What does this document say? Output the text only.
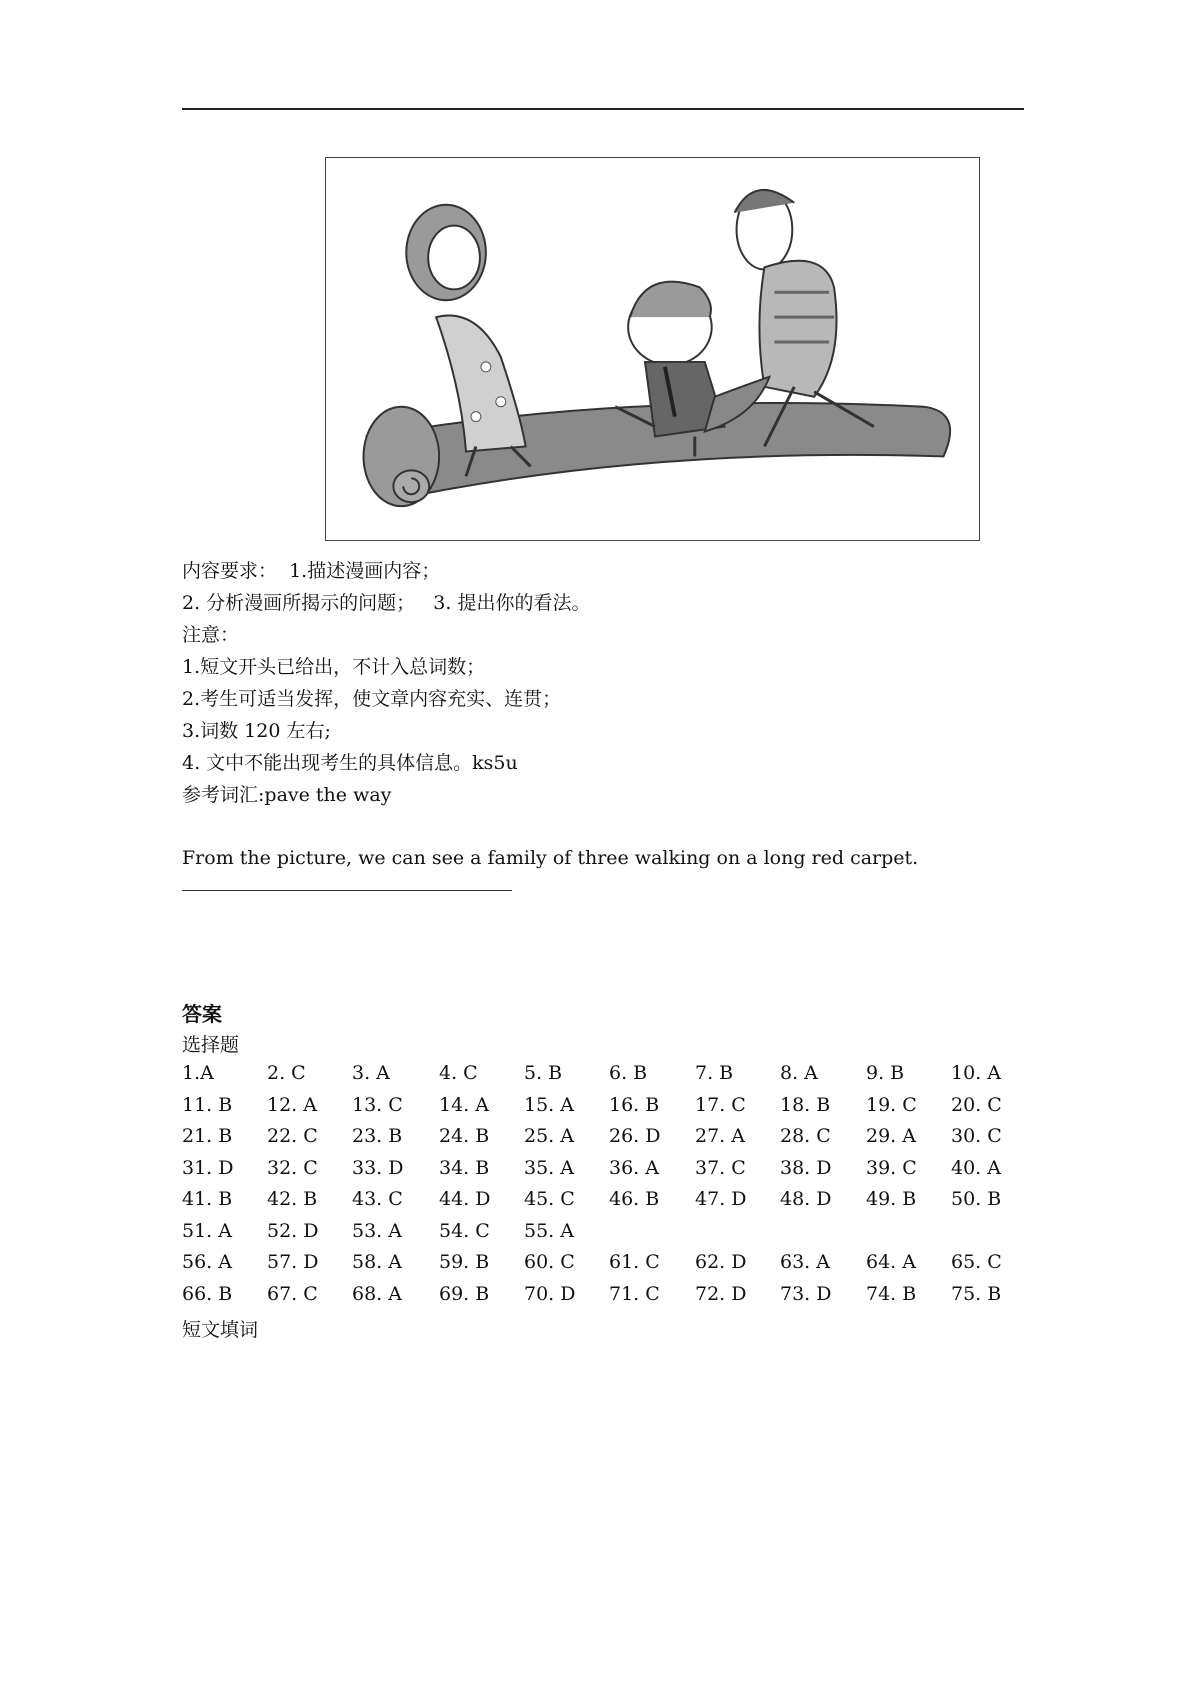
内容要求：  1.描述漫画内容；
2. 分析漫画所揭示的问题；   3. 提出你的看法。
注意：
1.短文开头已给出，不计入总词数；
2.考生可适当发挥，使文章内容充实、连贯；
3.词数 120 左右;
4. 文中不能出现考生的具体信息。ks5u
参考词汇:pave the way
From the picture, we can see a family of three walking on a long red carpet.
答案
选择题
1.A	2. C 3. A	4. C 5. B 6. B	7. B 8. A	9. B 10. A
11. B 12. A 13. C 14. A 15. A 16. B 17. C 18. B 19. C 20. C
21. B 22. C 23. B 24. B 25. A 26. D 27. A 28. C 29. A 30. C
31. D 32. C 33. D 34. B 35. A 36. A 37. C 38. D 39. C 40. A
41. B 42. B 43. C 44. D 45. C 46. B 47. D 48. D 49. B 50. B
51. A 52. D 53. A 54. C 55. A
56. A 57. D 58. A 59. B 60. C 61. C 62. D 63. A 64. A 65. C
66. B 67. C 68. A 69. B 70. D 71. C 72. D 73. D 74. B 75. B
短文填词
